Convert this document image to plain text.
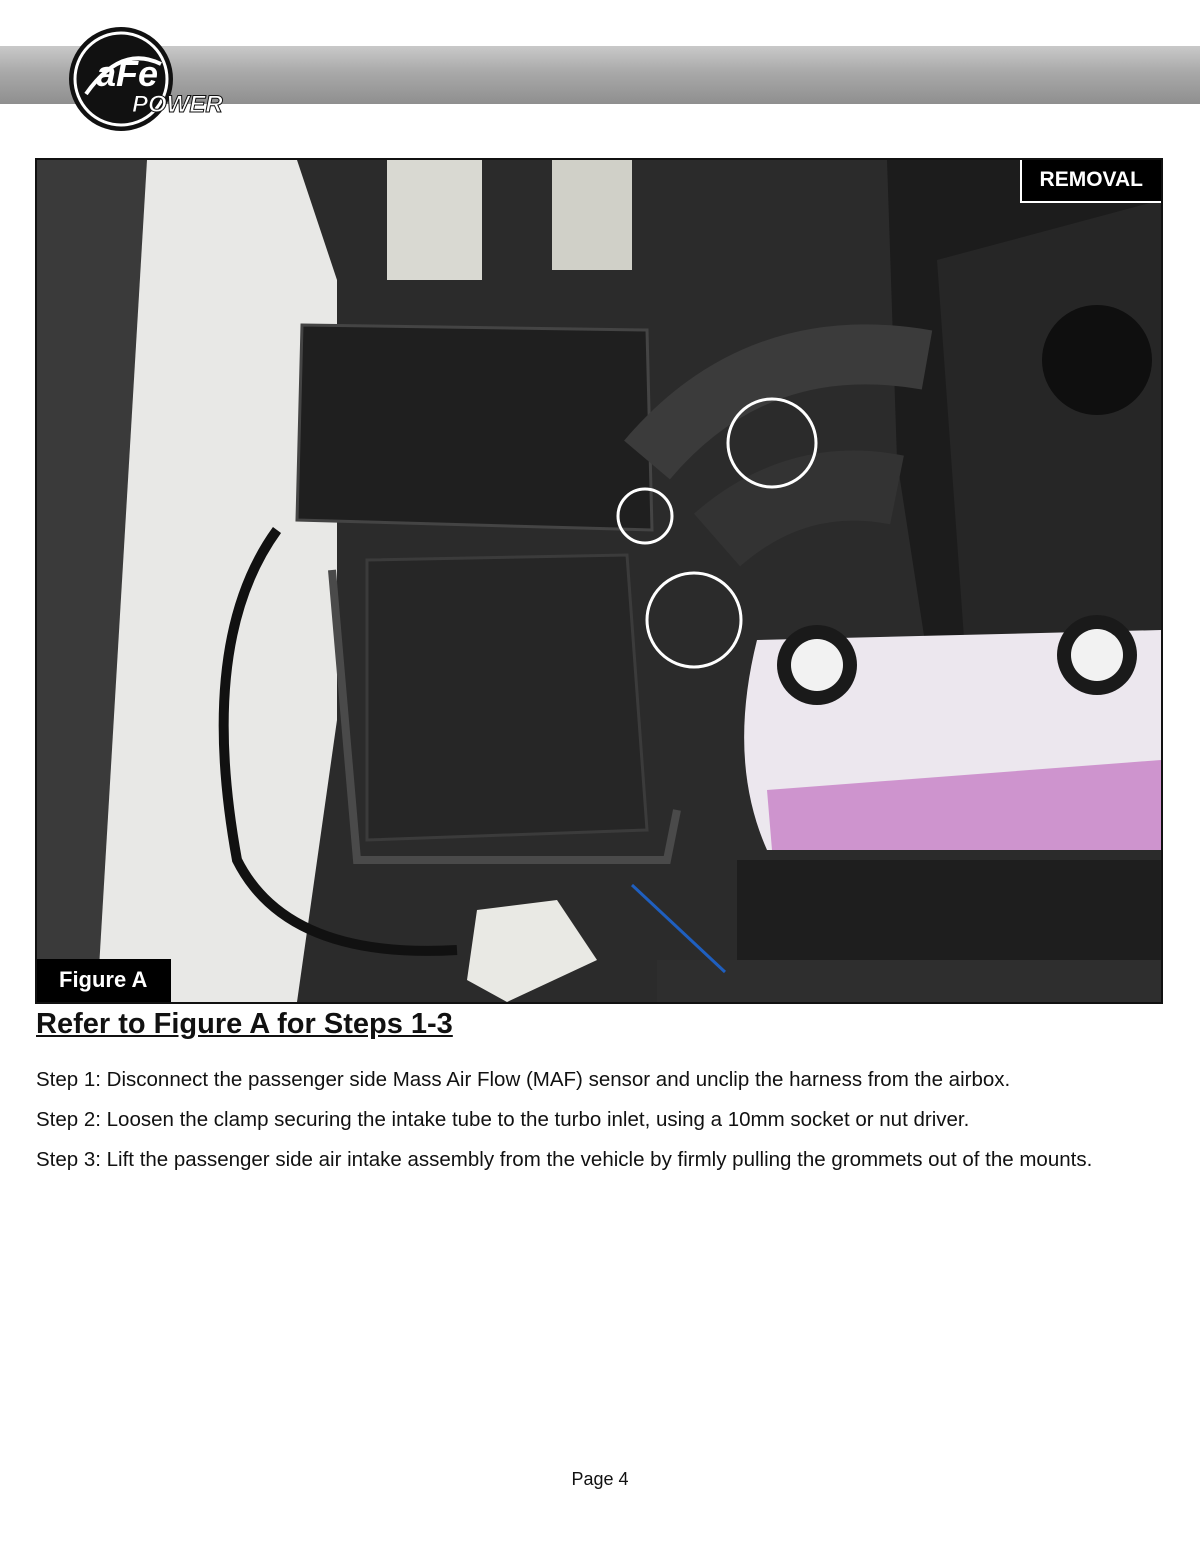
aFe
POWER
REMOVAL
Figure A
Refer to Figure A for Steps 1-3

Step 1: Disconnect the passenger side Mass Air Flow (MAF) sensor and unclip the harness from the airbox.

Step 2: Loosen the clamp securing the intake tube to the turbo inlet, using a 10mm socket or nut driver.

Step 3: Lift the passenger side air intake assembly from the vehicle by firmly pulling the grommets out of the mounts.

Page 4
